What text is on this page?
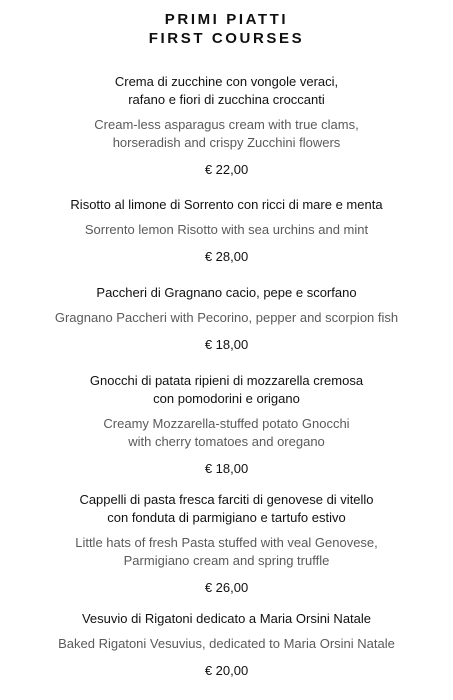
PRIMI PIATTI
FIRST COURSES
Crema di zucchine con vongole veraci,
rafano e fiori di zucchina croccanti
Cream-less asparagus cream with true clams,
horseradish and crispy Zucchini flowers
€ 22,00
Risotto al limone di Sorrento con ricci di mare e menta
Sorrento lemon Risotto with sea urchins and mint
€ 28,00
Paccheri di Gragnano cacio, pepe e scorfano
Gragnano Paccheri with Pecorino, pepper and scorpion fish
€ 18,00
Gnocchi di patata ripieni di mozzarella cremosa
con pomodorini e origano
Creamy Mozzarella-stuffed potato Gnocchi
with cherry tomatoes and oregano
€ 18,00
Cappelli di pasta fresca farciti di genovese di vitello
con fonduta di parmigiano e tartufo estivo
Little hats of fresh Pasta stuffed with veal Genovese,
Parmigiano cream and spring truffle
€ 26,00
Vesuvio di Rigatoni dedicato a Maria Orsini Natale
Baked Rigatoni Vesuvius, dedicated to Maria Orsini Natale
€ 20,00
